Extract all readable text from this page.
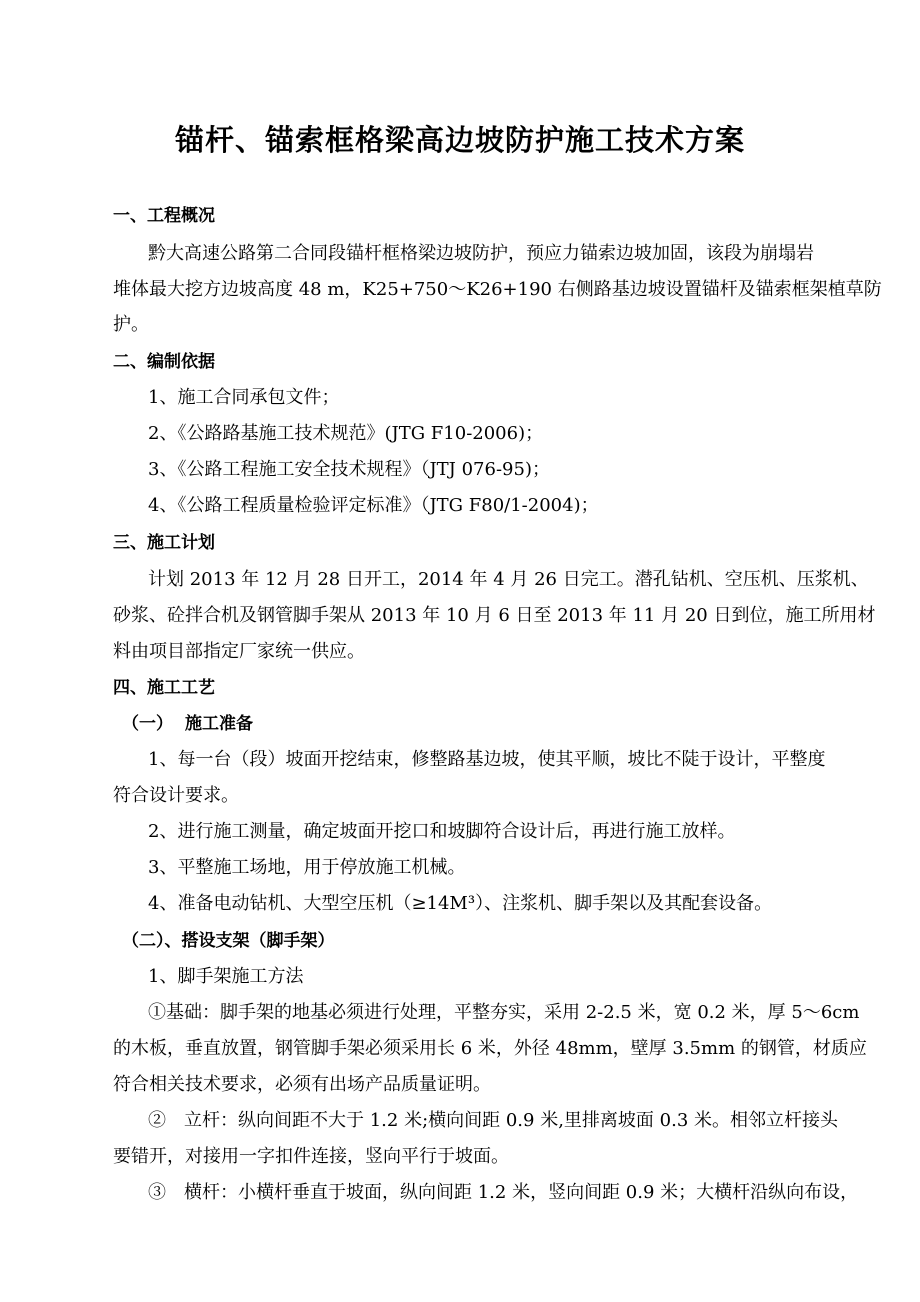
锚杆、锚索框格梁高边坡防护施工技术方案
一、工程概况
黔大高速公路第二合同段锚杆框格梁边坡防护，预应力锚索边坡加固，该段为崩塌岩
堆体最大挖方边坡高度 48 m，K25+750～K26+190 右侧路基边坡设置锚杆及锚索框架植草防
护。
二、编制依据
1、施工合同承包文件；
2、《公路路基施工技术规范》(JTG F10-2006)；
3、《公路工程施工安全技术规程》（JTJ 076-95)；
4、《公路工程质量检验评定标准》（JTG F80/1-2004)；
三、施工计划
计划 2013 年 12 月 28 日开工，2014 年 4 月 26 日完工。潜孔钻机、空压机、压浆机、
砂浆、砼拌合机及钢管脚手架从 2013 年 10 月 6 日至 2013 年 11 月 20 日到位，施工所用材
料由项目部指定厂家统一供应。
四、施工工艺
（一） 施工准备
1、每一台（段）坡面开挖结束，修整路基边坡，使其平顺，坡比不陡于设计，平整度
符合设计要求。
2、进行施工测量，确定坡面开挖口和坡脚符合设计后，再进行施工放样。
3、平整施工场地，用于停放施工机械。
4、准备电动钻机、大型空压机（≥14M³）、注浆机、脚手架以及其配套设备。
（二）、搭设支架（脚手架）
1、脚手架施工方法
①基础：脚手架的地基必须进行处理，平整夯实，采用 2-2.5 米，宽 0.2 米，厚 5～6cm
的木板，垂直放置，钢管脚手架必须采用长 6 米，外径 48mm，壁厚 3.5mm 的钢管，材质应
符合相关技术要求，必须有出场产品质量证明。
②　立杆：纵向间距不大于 1.2 米;横向间距 0.9 米,里排离坡面 0.3 米。相邻立杆接头
要错开，对接用一字扣件连接，竖向平行于坡面。
③　横杆：小横杆垂直于坡面，纵向间距 1.2 米，竖向间距 0.9 米；大横杆沿纵向布设，
